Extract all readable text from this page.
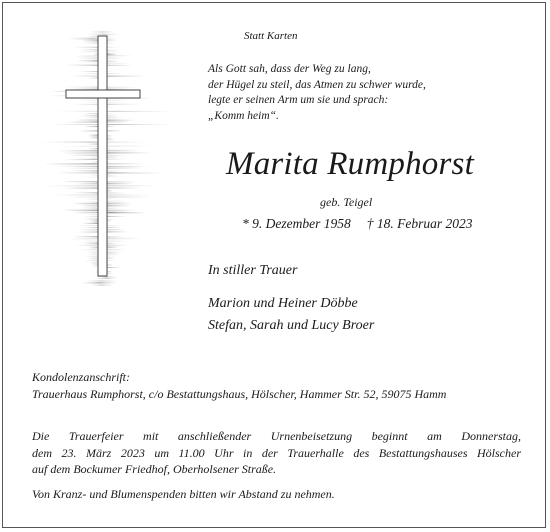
Statt Karten
Als Gott sah, dass der Weg zu lang,
der Hügel zu steil, das Atmen zu schwer wurde,
legte er seinen Arm um sie und sprach:
„Komm heim“.
Marita Rumphorst
geb. Teigel
* 9. Dezember 1958 † 18. Februar 2023
In stiller Trauer
Marion und Heiner Döbbe
Stefan, Sarah und Lucy Broer
Kondolenzanschrift:
Trauerhaus Rumphorst, c/o Bestattungshaus, Hölscher, Hammer Str. 52, 59075 Hamm
Die Trauerfeier mit anschließender Urnenbeisetzung beginnt am Donnerstag,
dem 23. März 2023 um 11.00 Uhr in der Trauerhalle des Bestattungshauses Hölscher
auf dem Bockumer Friedhof, Oberholsener Straße.
Von Kranz- und Blumenspenden bitten wir Abstand zu nehmen.
